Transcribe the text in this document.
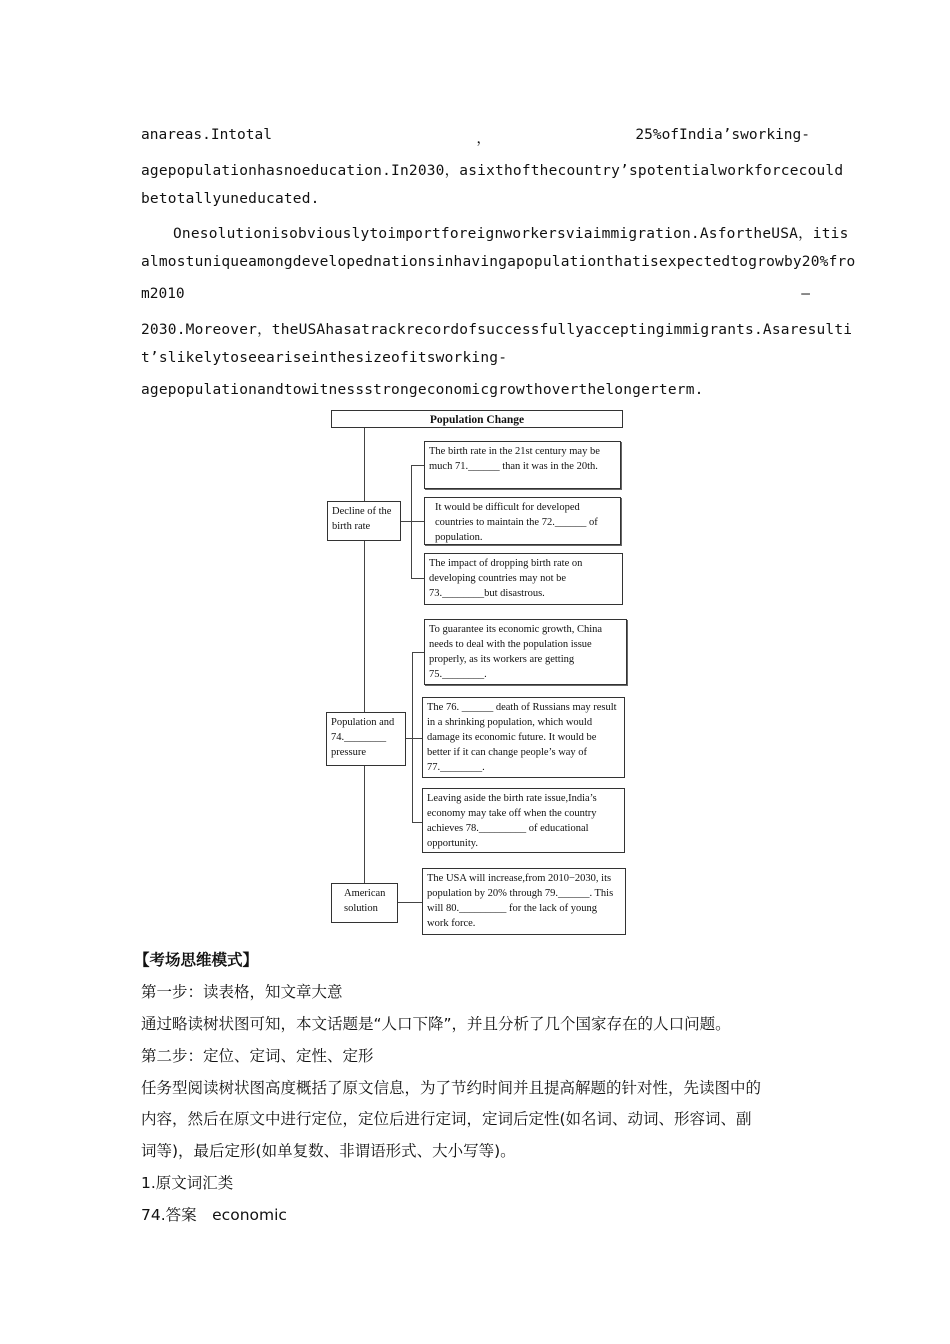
anareas.Intotal	，	25%ofIndia’sworking-
agepopulationhasnoeducation.In2030，asixthofthecountry’spotentialworkforcecould
betotallyuneducated.
Onesolutionisobviouslytoimportforeignworkersviaimmigration.AsfortheUSA，itis
almostuniqueamongdevelopednationsinhavingapopulationthatisexpectedtogrowby20%fro
m2010	—
2030.Moreover，theUSAhasatrackrecordofsuccessfullyacceptingimmigrants.Asaresulti
t’slikelytoseeariseinthesizeofitsworking-
agepopulationandtowitnessstrongeconomicgrowthoverthelongerterm.
Population Change
Decline of the birth rate
The birth rate in the 21st century may be much 71.______ than it was in the 20th.
It would be difficult for developed countries to maintain the 72.______ of population.
The impact of dropping birth rate on developing countries may not be 73.________but disastrous.
Population and 74.________ pressure
To guarantee its economic growth, China needs to deal with the population issue properly, as its workers are getting 75.________.
The 76. ______ death of Russians may result in a shrinking population, which would damage its economic future. It would be better if it can change people’s way of 77.________.
Leaving aside the birth rate issue,India’s economy may take off when the country achieves 78._________ of educational opportunity.
American solution
The USA will increase,from 2010−2030, its population by 20% through 79.______. This will 80._________ for the lack of young work force.
【考场思维模式】
第一步：读表格，知文章大意
通过略读树状图可知，本文话题是“人口下降”，并且分析了几个国家存在的人口问题。
第二步：定位、定词、定性、定形
任务型阅读树状图高度概括了原文信息，为了节约时间并且提高解题的针对性，先读图中的
内容，然后在原文中进行定位，定位后进行定词，定词后定性(如名词、动词、形容词、副
词等)，最后定形(如单复数、非谓语形式、大小写等)。
1.原文词汇类
74.答案　economic
